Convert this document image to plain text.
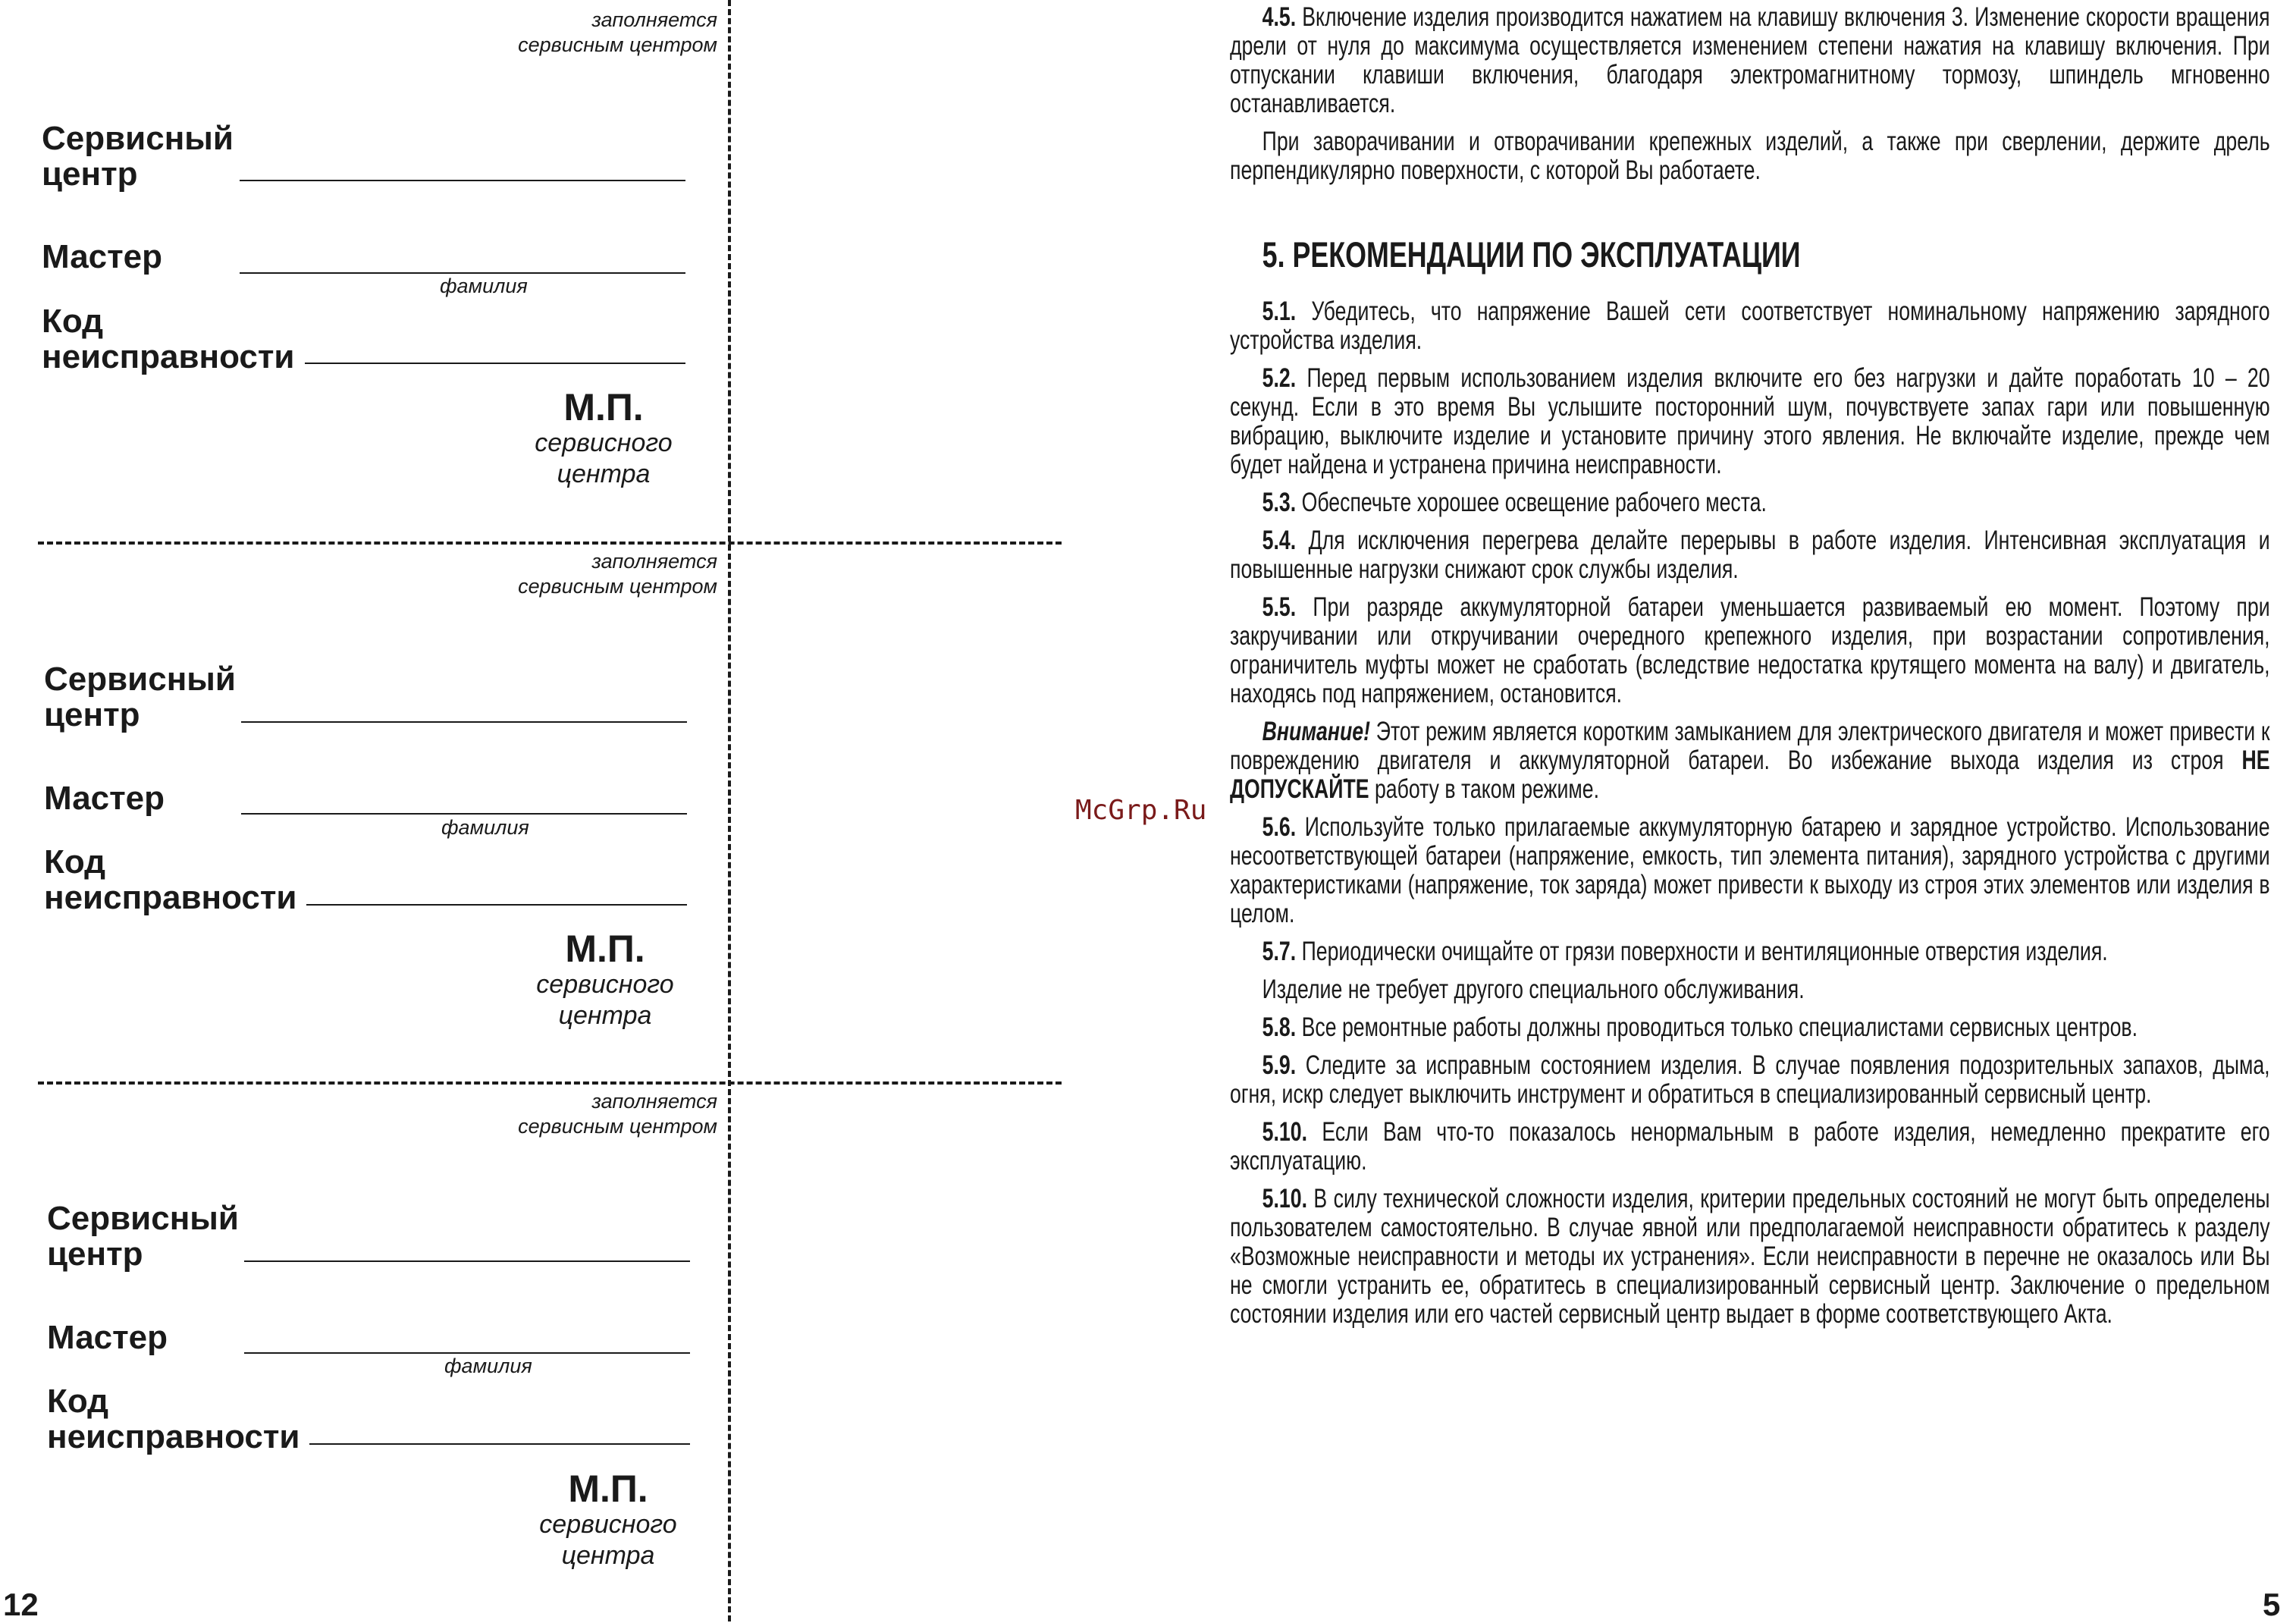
заполняется
сервисным центром
Сервисный
центр
Мастер
фамилия
Код
неисправности
М.П.
сервисного
центра
заполняется
сервисным центром
Сервисный
центр
Мастер
фамилия
Код
неисправности
М.П.
сервисного
центра
заполняется
сервисным центром
Сервисный
центр
Мастер
фамилия
Код
неисправности
М.П.
сервисного
центра
12

4.5. Включение изделия производится нажатием на клавишу включения 3. Изменение скорости вращения дрели от нуля до максимума осуществляется изменением степени нажатия на клавишу включения. При отпускании клавиши включения, благодаря электромагнитному тормозу, шпиндель мгновенно останавливается.

При заворачивании и отворачивании крепежных изделий, а также при сверлении, держите дрель перпендикулярно поверхности, с которой Вы работаете.

5. РЕКОМЕНДАЦИИ ПО ЭКСПЛУАТАЦИИ

5.1. Убедитесь, что напряжение Вашей сети соответствует номинальному напряжению зарядного устройства изделия.

5.2. Перед первым использованием изделия включите его без нагрузки и дайте поработать 10 – 20 секунд. Если в это время Вы услышите посторонний шум, почувствуете запах гари или повышенную вибрацию, выключите изделие и установите причину этого явления. Не включайте изделие, прежде чем будет найдена и устранена причина неисправности.

5.3. Обеспечьте хорошее освещение рабочего места.

5.4. Для исключения перегрева делайте перерывы в работе изделия. Интенсивная эксплуатация и повышенные нагрузки снижают срок службы изделия.

5.5. При разряде аккумуляторной батареи уменьшается развиваемый ею момент. Поэтому при закручивании или откручивании очередного крепежного изделия, при возрастании сопротивления, ограничитель муфты может не сработать (вследствие недостатка крутящего момента на валу) и двигатель, находясь под напряжением, остановится.

Внимание! Этот режим является коротким замыканием для электрического двигателя и может привести к повреждению двигателя и аккумуляторной батареи. Во избежание выхода изделия из строя НЕ ДОПУСКАЙТЕ работу в таком режиме.

5.6. Используйте только прилагаемые аккумуляторную батарею и зарядное устройство. Использование несоответствующей батареи (напряжение, емкость, тип элемента питания), зарядного устройства с другими характеристиками (напряжение, ток заряда) может привести к выходу из строя этих элементов или изделия в целом.

5.7. Периодически очищайте от грязи поверхности и вентиляционные отверстия изделия.

Изделие не требует другого специального обслуживания.

5.8. Все ремонтные работы должны проводиться только специалистами сервисных центров.

5.9. Следите за исправным состоянием изделия. В случае появления подозрительных запахов, дыма, огня, искр следует выключить инструмент и обратиться в специализированный сервисный центр.

5.10. Если Вам что-то показалось ненормальным в работе изделия, немедленно прекратите его эксплуатацию.

5.10. В силу технической сложности изделия, критерии предельных состояний не могут быть определены пользователем самостоятельно. В случае явной или предполагаемой неисправности обратитесь к разделу «Возможные неисправности и методы их устранения». Если неисправности в перечне не оказалось или Вы не смогли устранить ее, обратитесь в специализированный сервисный центр. Заключение о предельном состоянии изделия или его частей сервисный центр выдает в форме соответствующего Акта.

5
McGrp.Ru
